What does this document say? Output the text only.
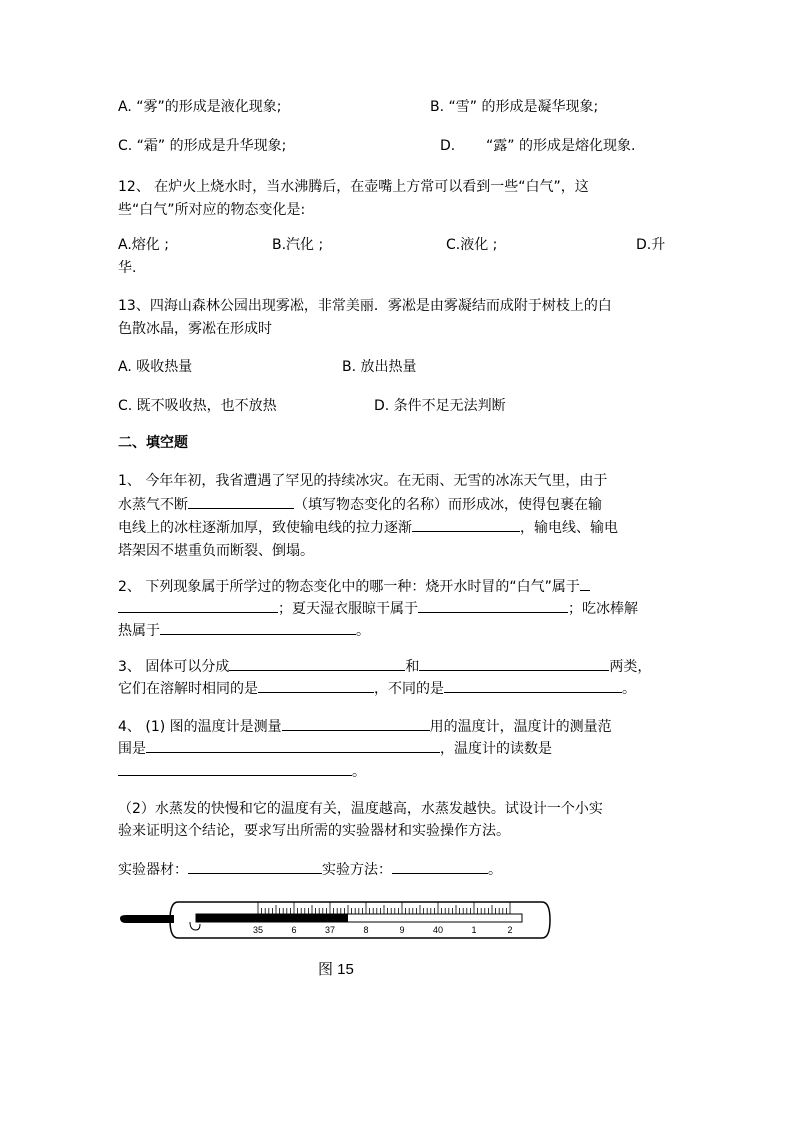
A. “雾”的形成是液化现象;	B. “雪” 的形成是凝华现象;
C. “霜” 的形成是升华现象;	D. “露” 的形成是熔化现象.
12、 在炉火上烧水时，当水沸腾后，在壶嘴上方常可以看到一些“白气”，这
些“白气”所对应的物态变化是:
A.熔化 ;	B.汽化 ;	C.液化 ;	D.升
华.
13、四海山森林公园出现雾凇，非常美丽．雾凇是由雾凝结而成附于树枝上的白
色散冰晶，雾凇在形成时
A. 吸收热量	B. 放出热量
C. 既不吸收热，也不放热	D. 条件不足无法判断
二、填空题
1、 今年年初，我省遭遇了罕见的持续冰灾。在无雨、无雪的冰冻天气里，由于
水蒸气不断	（填写物态变化的名称）而形成冰，使得包裹在输
电线上的冰柱逐渐加厚，致使输电线的拉力逐渐	，输电线、输电
塔架因不堪重负而断裂、倒塌。
2、 下列现象属于所学过的物态变化中的哪一种：烧开水时冒的“白气”属于
；夏天湿衣服晾干属于	；吃冰棒解
热属于	。
3、 固体可以分成	和	两类，
它们在溶解时相同的是	，不同的是	。
4、 (1) 图的温度计是测量	用的温度计，温度计的测量范
围是	，温度计的读数是
。
（2）水蒸发的快慢和它的温度有关，温度越高，水蒸发越快。试设计一个小实
验来证明这个结论，要求写出所需的实验器材和实验操作方法。
实验器材：	实验方法：	。
35	6	37	8	9	40	1	2
图 15
